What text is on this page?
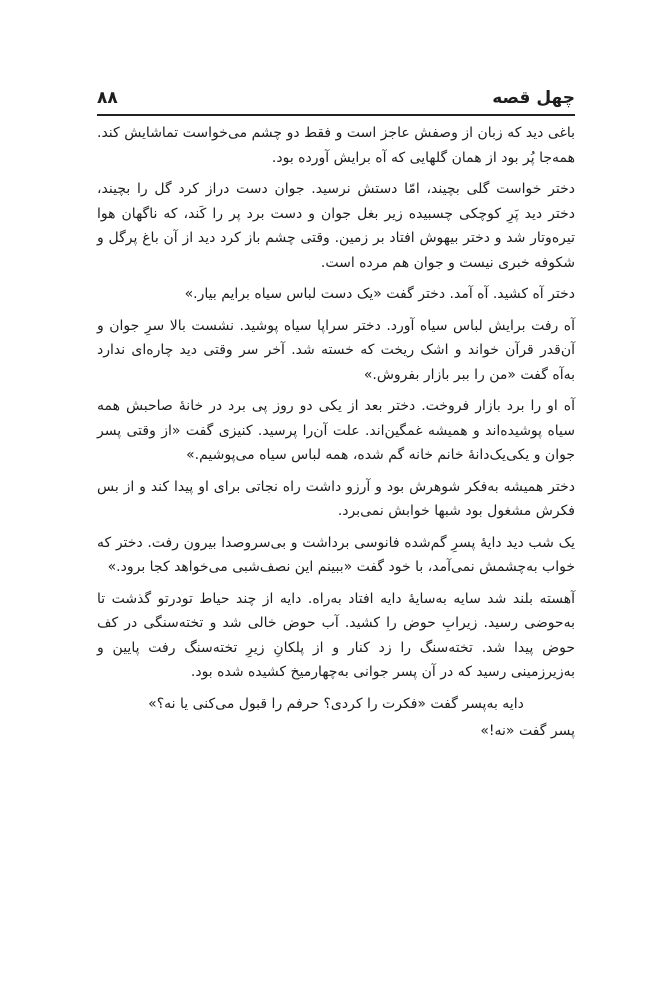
چهل قصه
۸۸

باغی دید که زبان از وصفش عاجز است و فقط دو چشم می‌خواست تماشایش کند. همه‌جا پُر بود از همان گلهایی که آه برایش آورده بود.

دختر خواست گلی بچیند، امّا دستش نرسید. جوان دست دراز کرد گل را بچیند، دختر دید پَرِ کوچکی چسبیده زیر بغل جوان و دست برد پر را کَند، که ناگهان هوا تیره‌وتار شد و دختر بیهوش افتاد بر زمین. وقتی چشم باز کرد دید از آن باغ پرگل و شکوفه خبری نیست و جوان هم مرده است.

دختر آه کشید. آه آمد. دختر گفت «یک دست لباس سیاه برایم بیار.»

آه رفت برایش لباس سیاه آورد. دختر سراپا سیاه پوشید. نشست بالا سرِ جوان و آن‌قدر قرآن خواند و اشک ریخت که خسته شد. آخر سر وقتی دید چاره‌ای ندارد به‌آه گفت «من را ببر بازار بفروش.»

آه او را برد بازار فروخت. دختر بعد از یکی دو روز پی برد در خانهٔ صاحبش همه سیاه پوشیده‌اند و همیشه غمگین‌اند. علت آن‌را پرسید. کنیزی گفت «از وقتی پسر جوان و یکی‌یک‌دانهٔ خانم خانه گم شده، همه لباس سیاه می‌پوشیم.»

دختر همیشه به‌فکر شوهرش بود و آرزو داشت راه نجاتی برای او پیدا کند و از بس فکرش مشغول بود شبها خوابش نمی‌برد.

یک شب دید دایهٔ پسرِ گم‌شده فانوسی برداشت و بی‌سروصدا بیرون رفت. دختر که خواب به‌چشمش نمی‌آمد، با خود گفت «ببینم این نصف‌شبی می‌خواهد کجا برود.»

آهسته بلند شد سایه به‌سایهٔ دایه افتاد به‌راه. دایه از چند حیاط تودرتو گذشت تا به‌حوضی رسید. زیرابِ حوض را کشید. آب حوض خالی شد و تخته‌سنگی در کف حوض پیدا شد. تخته‌سنگ را زد کنار و از پلکانِ زیرِ تخته‌سنگ رفت پایین و به‌زیرزمینی رسید که در آن پسر جوانی به‌چهارمیخ کشیده شده بود.

دایه به‌پسر گفت «فکرت را کردی؟ حرفم را قبول می‌کنی یا نه؟»

پسر گفت «نه!»
